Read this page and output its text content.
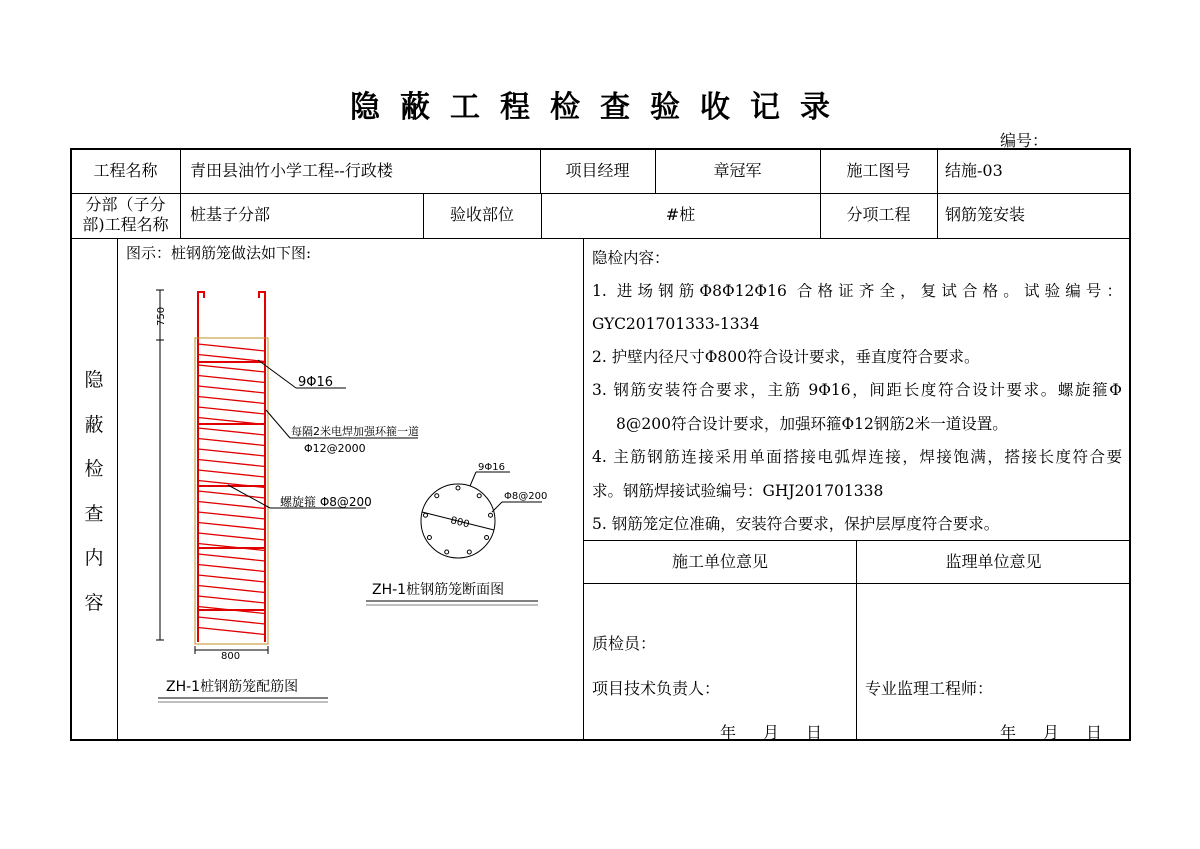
隐蔽工程检查验收记录
编号：
工程名称	青田县油竹小学工程--行政楼	项目经理	章冠军	施工图号	结施-03
分部（子分
部)工程名称
桩基子分部	验收部位	#桩	分项工程	钢筋笼安装
隐
蔽
检
查
内
容
图示：桩钢筋笼做法如下图:
750
800
9Φ16
每隔2米电焊加强环箍一道
Φ12@2000
螺旋箍 Φ8@200
800
9Φ16
Φ8@200
ZH-1桩钢筋笼断面图
ZH-1桩钢筋笼配筋图
隐检内容：
1. 进场钢筋Φ8Φ12Φ16 合格证齐全，复试合格。试验编号：
GYC201701333-1334
2. 护壁内径尺寸Φ800符合设计要求，垂直度符合要求。
3. 钢筋安装符合要求，主筋 9Φ16，间距长度符合设计要求。螺旋箍Φ
8@200符合设计要求，加强环箍Φ12钢筋2米一道设置。
4. 主筋钢筋连接采用单面搭接电弧焊连接，焊接饱满，搭接长度符合要
求。钢筋焊接试验编号：GHJ201701338
5. 钢筋笼定位准确，安装符合要求，保护层厚度符合要求。
施工单位意见	监理单位意见
质检员：
项目技术负责人：	专业监理工程师：
年 月 日	年 月 日
